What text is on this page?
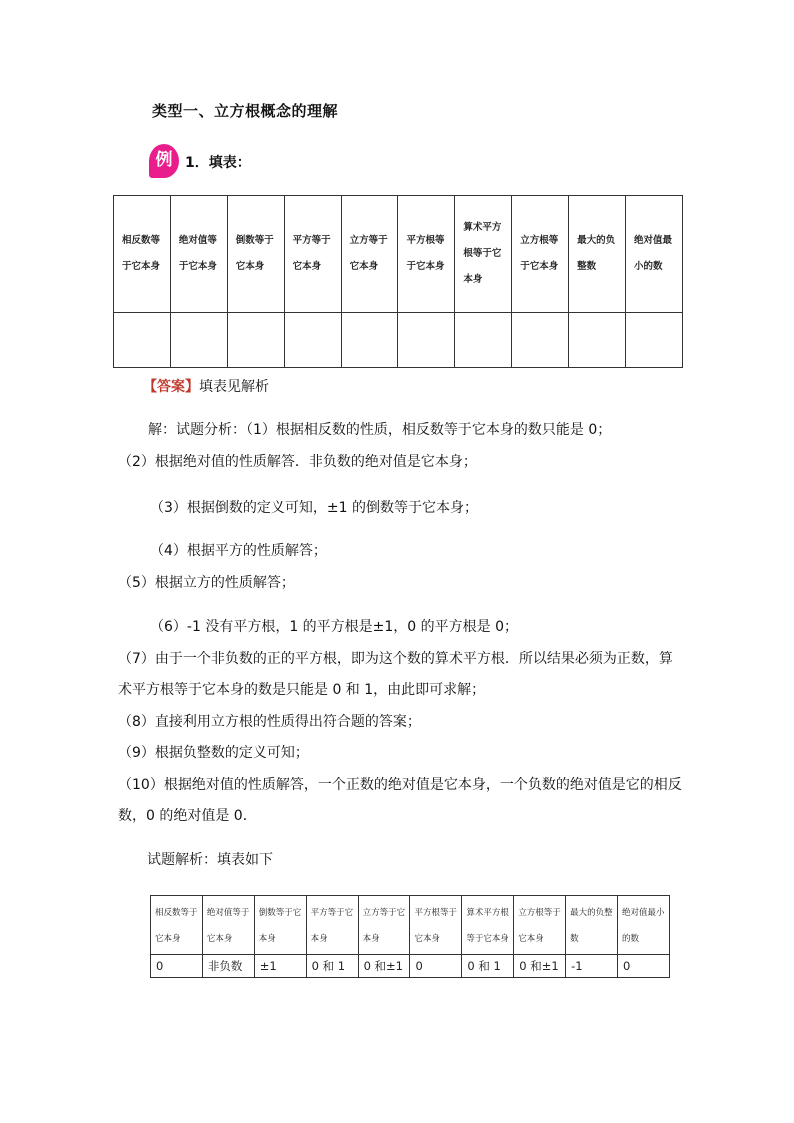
类型一、立方根概念的理解
例 1．填表：
相反数等于它本身	绝对值等于它本身	倒数等于它本身	平方等于它本身	立方等于它本身	平方根等于它本身	算术平方根等于它本身	立方根等于它本身	最大的负整数	绝对值最小的数

【答案】填表见解析
解：试题分析：（1）根据相反数的性质，相反数等于它本身的数只能是 0；
（2）根据绝对值的性质解答．非负数的绝对值是它本身；
（3）根据倒数的定义可知，±1 的倒数等于它本身；
（4）根据平方的性质解答；
（5）根据立方的性质解答；
（6）-1 没有平方根，1 的平方根是±1，0 的平方根是 0；
（7）由于一个非负数的正的平方根，即为这个数的算术平方根．所以结果必须为正数，算
术平方根等于它本身的数是只能是 0 和 1，由此即可求解；
（8）直接利用立方根的性质得出符合题的答案；
（9）根据负整数的定义可知；
（10）根据绝对值的性质解答，一个正数的绝对值是它本身，一个负数的绝对值是它的相反
数，0 的绝对值是 0．
试题解析：填表如下
相反数等于它本身	绝对值等于它本身	倒数等于它本身	平方等于它本身	立方等于它本身	平方根等于它本身	算术平方根等于它本身	立方根等于它本身	最大的负整数	绝对值最小的数
0	非负数	±1	0 和 1	0 和±1	0	0 和 1	0 和±1	-1	0
